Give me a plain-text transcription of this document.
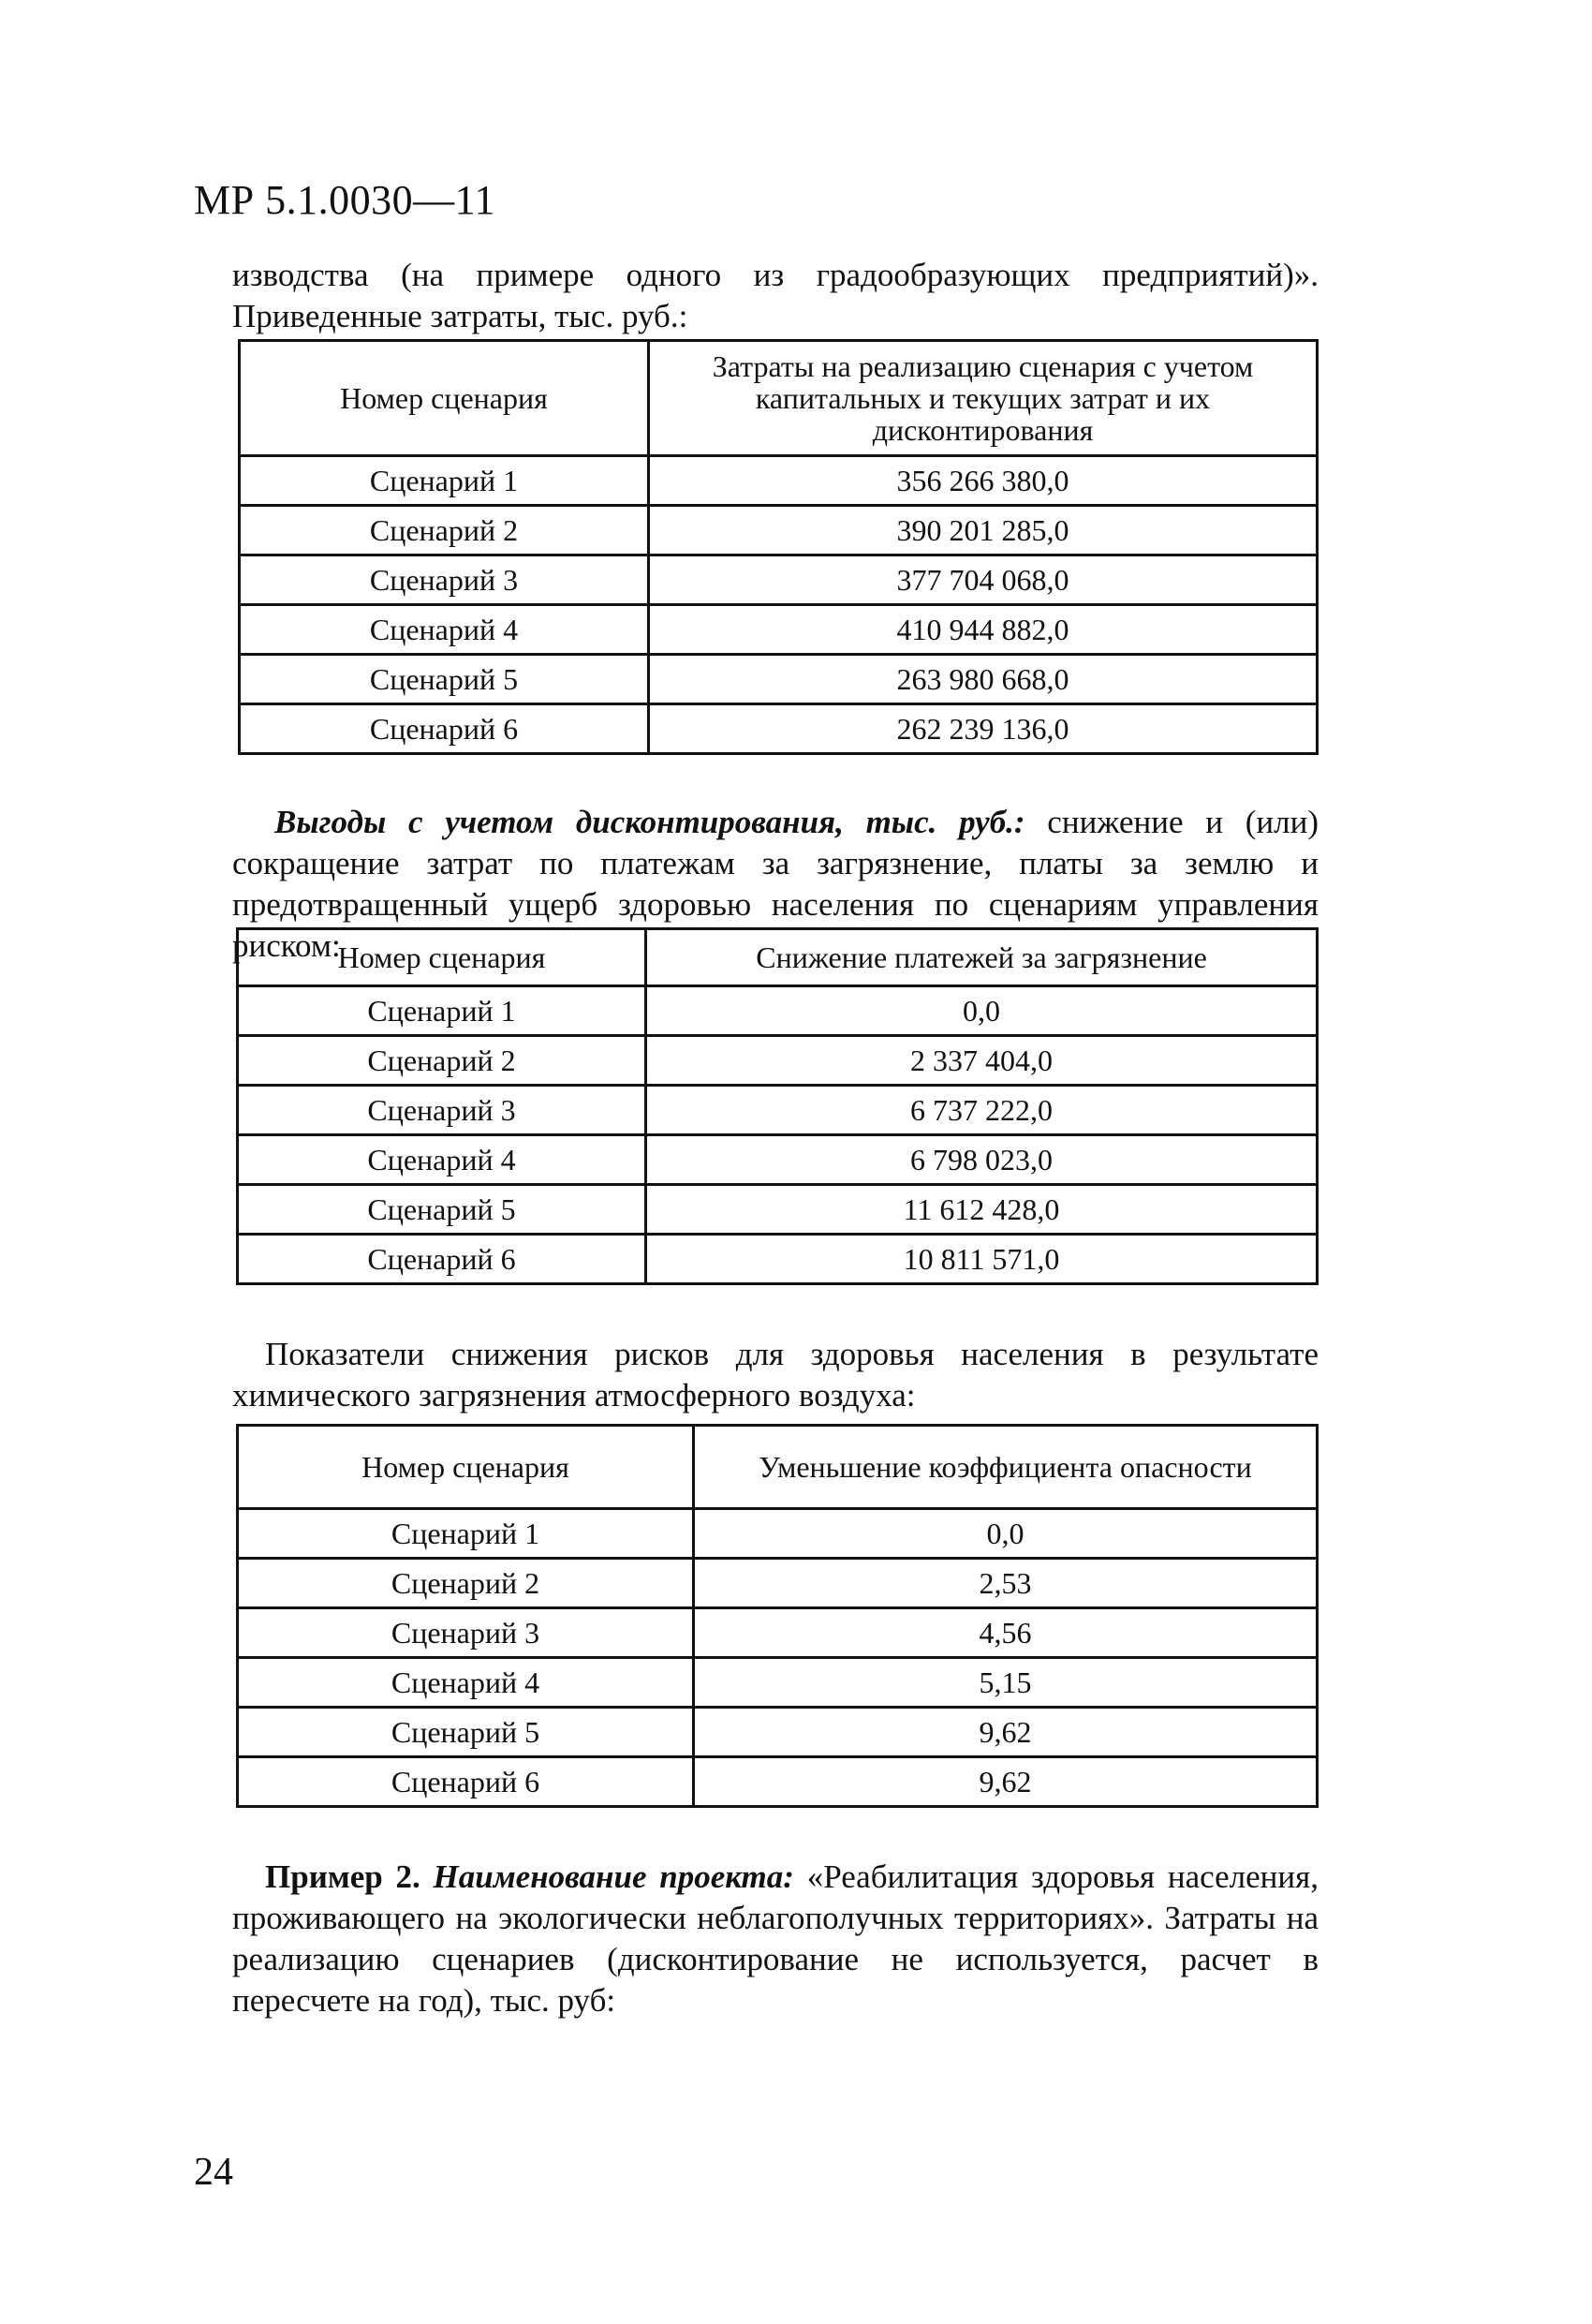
МР 5.1.0030—11
изводства (на примере одного из градообразующих предприятий)». Приведенные затраты, тыс. руб.:
Номер сценария	Затраты на реализацию сценария с учетом капитальных и текущих затрат и их дисконтирования
Сценарий 1	356 266 380,0
Сценарий 2	390 201 285,0
Сценарий 3	377 704 068,0
Сценарий 4	410 944 882,0
Сценарий 5	263 980 668,0
Сценарий 6	262 239 136,0
Выгоды с учетом дисконтирования, тыс. руб.: снижение и (или) сокращение затрат по платежам за загрязнение, платы за землю и предотвращенный ущерб здоровью населения по сценариям управления риском:
Номер сценария	Снижение платежей за загрязнение
Сценарий 1	0,0
Сценарий 2	2 337 404,0
Сценарий 3	6 737 222,0
Сценарий 4	6 798 023,0
Сценарий 5	11 612 428,0
Сценарий 6	10 811 571,0
Показатели снижения рисков для здоровья населения в результате химического загрязнения атмосферного воздуха:
Номер сценария	Уменьшение коэффициента опасности
Сценарий 1	0,0
Сценарий 2	2,53
Сценарий 3	4,56
Сценарий 4	5,15
Сценарий 5	9,62
Сценарий 6	9,62
Пример 2. Наименование проекта: «Реабилитация здоровья населения, проживающего на экологически неблагополучных территориях». Затраты на реализацию сценариев (дисконтирование не используется, расчет в пересчете на год), тыс. руб:
24
